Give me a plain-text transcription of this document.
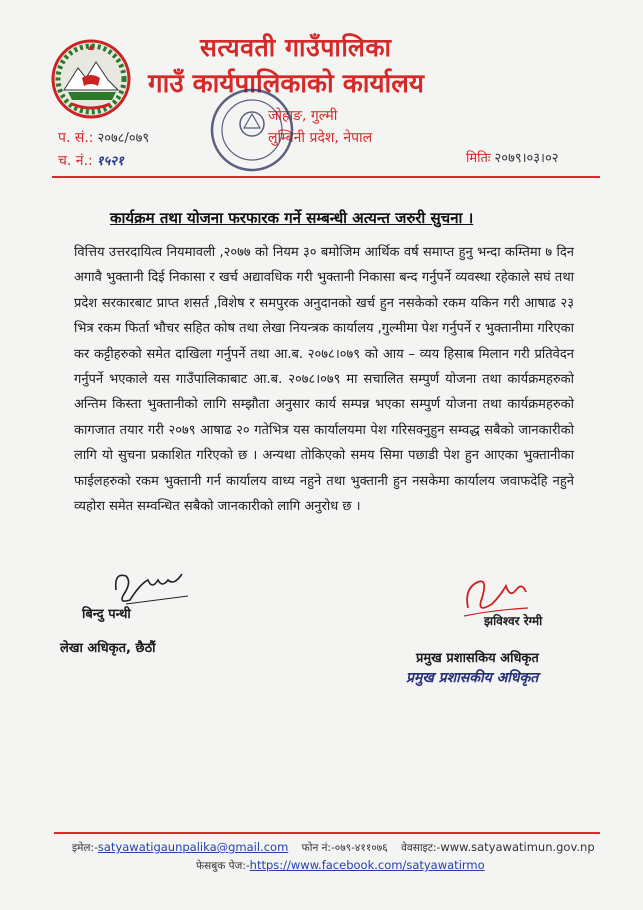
सत्यवती गाउँपालिका
गाउँ कार्यपालिकाको कार्यालय
जोहाङ, गुल्मी
लुम्बिनी प्रदेश, नेपाल
प. सं.: २०७८/०७९
च. नं.: १५२१	मितिः २०७९।०३।०२
कार्यक्रम तथा योजना फरफारक गर्ने सम्बन्धी अत्यन्त जरुरी सुचना ।
वित्तिय उत्तरदायित्व नियमावली ,२०७७ को नियम ३० बमोजिम आर्थिक वर्ष समाप्त हुनु भन्दा कम्तिमा ७ दिन अगावै भुक्तानी दिई निकासा र खर्च अद्यावधिक गरी भुक्तानी निकासा बन्द गर्नुपर्ने व्यवस्था रहेकाले सघं तथा प्रदेश सरकारबाट प्राप्त शसर्त ,विशेष र समपुरक अनुदानको खर्च हुन नसकेको रकम यकिन गरी आषाढ २३ भित्र रकम फिर्ता भौचर सहित कोष तथा लेखा नियन्त्रक कार्यालय ,गुल्मीमा पेश गर्नुपर्ने र भुक्तानीमा गरिएका कर कट्टीहरुको समेत दाखिला गर्नुपर्ने तथा आ.ब. २०७८।०७९ को आय – व्यय हिसाब मिलान गरी प्रतिवेदन गर्नुपर्ने भएकाले यस गाउँपालिकाबाट आ.ब. २०७८।०७९ मा सचालित सम्पुर्ण योजना तथा कार्यक्रमहरुको अन्तिम किस्ता भुक्तानीको लागि सम्झौता अनुसार कार्य सम्पन्न भएका सम्पुर्ण योजना तथा कार्यक्रमहरुको कागजात तयार गरी २०७९ आषाढ २० गतेभित्र यस कार्यालयमा पेश गरिसक्नुहुन सम्वद्ध सबैको जानकारीको लागि यो सुचना प्रकाशित गरिएको छ । अन्यथा तोकिएको समय सिमा पछाडी पेश हुन आएका भुक्तानीका फाईलहरुको रकम भुक्तानी गर्न कार्यालय वाध्य नहुने तथा भुक्तानी हुन नसकेमा कार्यालय जवाफदेहि नहुने व्यहोरा समेत सम्वन्धित सबैको जानकारीको लागि अनुरोध छ ।
बिन्दु पन्थी
लेखा अधिकृत, छैठौं
झविश्वर रेग्मी
प्रमुख प्रशासकिय अधिकृत
प्रमुख प्रशासकीय अधिकृत
इमेल:-satyawatigaunpalika@gmail.com फोन नं:-०७९-४११०७६ वेवसाइट:-www.satyawatimun.gov.np
फेसबुक पेज:-https://www.facebook.com/satyawatirmo
